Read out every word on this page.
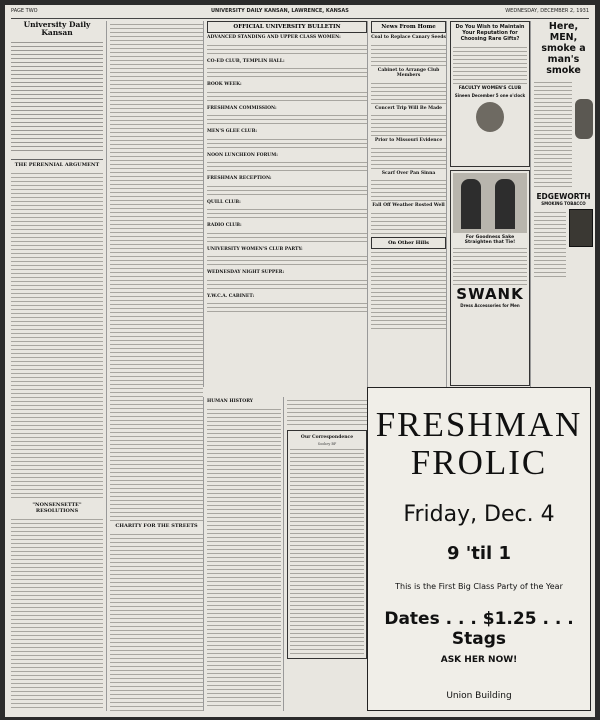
PAGE TWO	UNIVERSITY DAILY KANSAN, LAWRENCE, KANSAS	WEDNESDAY, DECEMBER 2, 1931
University Daily Kansan
THE PERENNIAL ARGUMENT
"NONSENSETTE" RESOLUTIONS
CHARITY FOR THE STREETS
OFFICIAL UNIVERSITY BULLETIN
ADVANCED STANDING AND UPPER CLASS WOMEN:
CO-ED CLUB, TEMPLIN HALL:
BOOK WEEK:
FRESHMAN COMMISSION:
MEN'S GLEE CLUB:
NOON LUNCHEON FORUM:
FRESHMAN RECEPTION:
QUILL CLUB:
RADIO CLUB:
UNIVERSITY WOMEN'S CLUB PARTY:
WEDNESDAY NIGHT SUPPER:
Y.W.C.A. CABINET:
HUMAN HISTORY
Our Correspondence
Soohey BF
News From Home
Coal to Replace Canary Seeds
Cabinet to Arrange Club Members
Concert Trip Will Be Made
Prior to Missouri Evidence
Scarf Over Pan Sinna
Fall Off Weather Rosted Well
On Other Hills
Do You Wish to Maintain Your Reputation for Choosing Rare Gifts?
FACULTY WOMEN'S CLUB
Sineen December 5 one o'clock
For Goodness Sake Straighten that Tie!
SWANK
Dress Accessories for Men
Here, MEN, smoke a man's smoke
EDGEWORTH
SMOKING TOBACCO
FRESHMAN
FROLIC
Friday, Dec. 4
9 'til 1
This is the First Big Class Party of the Year
Dates . . . $1.25 . . . Stags
ASK HER NOW!
Union Building
